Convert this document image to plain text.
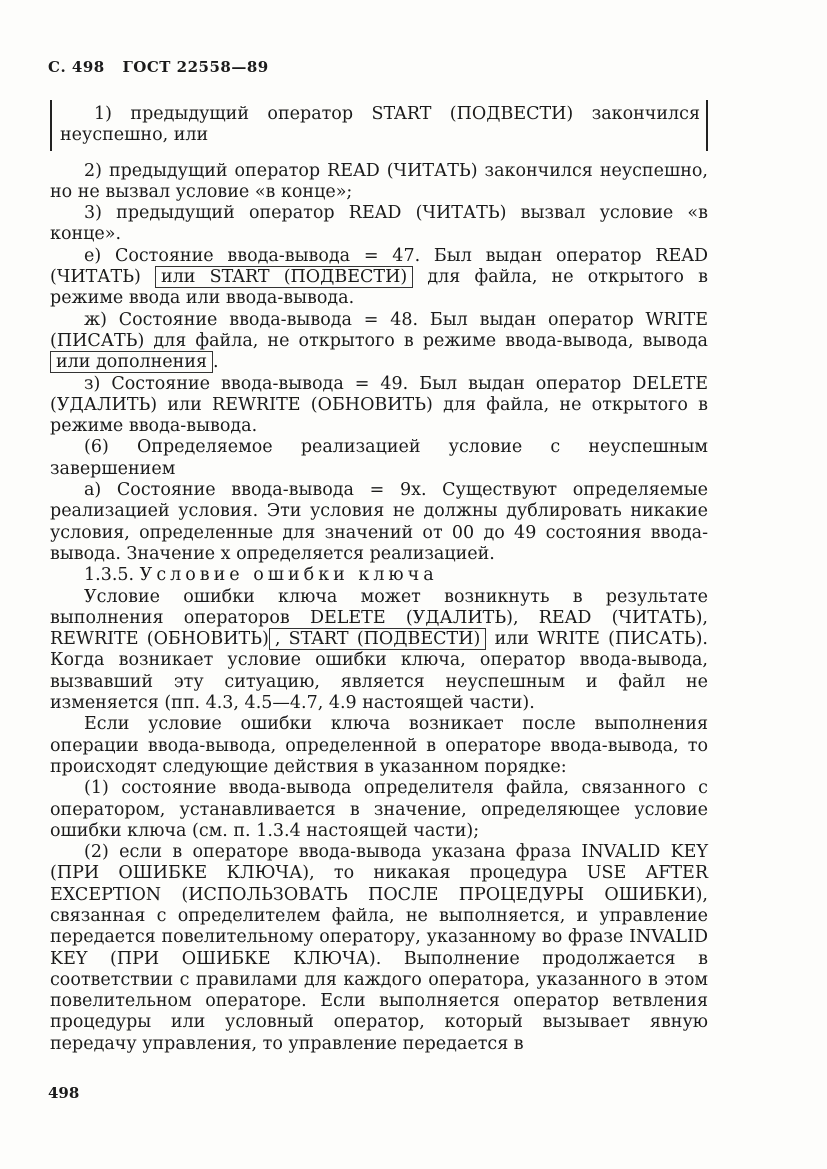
С. 498 ГОСТ 22558—89

1) предыдущий оператор START (ПОДВЕСТИ) закончился неуспешно, или

2) предыдущий оператор READ (ЧИТАТЬ) закончился неуспешно, но не вызвал условие «в конце»;

3) предыдущий оператор READ (ЧИТАТЬ) вызвал условие «в конце».

е) Состояние ввода-вывода = 47. Был выдан оператор READ (ЧИТАТЬ) или START (ПОДВЕСТИ) для файла, не открытого в режиме ввода или ввода-вывода.

ж) Состояние ввода-вывода = 48. Был выдан оператор WRITE (ПИСАТЬ) для файла, не открытого в режиме ввода-вывода, вывода или дополнения .

з) Состояние ввода-вывода = 49. Был выдан оператор DELETE (УДАЛИТЬ) или REWRITE (ОБНОВИТЬ) для файла, не открытого в режиме ввода-вывода.

(6) Определяемое реализацией условие с неуспешным завершением

а) Состояние ввода-вывода = 9х. Существуют определяемые реализацией условия. Эти условия не должны дублировать никакие условия, определенные для значений от 00 до 49 состояния ввода-вывода. Значение х определяется реализацией.

1.3.5. Условие ошибки ключа

Условие ошибки ключа может возникнуть в результате выполнения операторов DELETE (УДАЛИТЬ), READ (ЧИТАТЬ), REWRITE (ОБНОВИТЬ) , START (ПОДВЕСТИ) или WRITE (ПИСАТЬ). Когда возникает условие ошибки ключа, оператор ввода-вывода, вызвавший эту ситуацию, является неуспешным и файл не изменяется (пп. 4.3, 4.5—4.7, 4.9 настоящей части).

Если условие ошибки ключа возникает после выполнения операции ввода-вывода, определенной в операторе ввода-вывода, то происходят следующие действия в указанном порядке:

(1) состояние ввода-вывода определителя файла, связанного с оператором, устанавливается в значение, определяющее условие ошибки ключа (см. п. 1.3.4 настоящей части);

(2) если в операторе ввода-вывода указана фраза INVALID KEY (ПРИ ОШИБКЕ КЛЮЧА), то никакая процедура USE AFTER EXCEPTION (ИСПОЛЬЗОВАТЬ ПОСЛЕ ПРОЦЕДУРЫ ОШИБКИ), связанная с определителем файла, не выполняется, и управление передается повелительному оператору, указанному во фразе INVALID KEY (ПРИ ОШИБКЕ КЛЮЧА). Выполнение продолжается в соответствии с правилами для каждого оператора, указанного в этом повелительном операторе. Если выполняется оператор ветвления процедуры или условный оператор, который вызывает явную передачу управления, то управление передается в

498
